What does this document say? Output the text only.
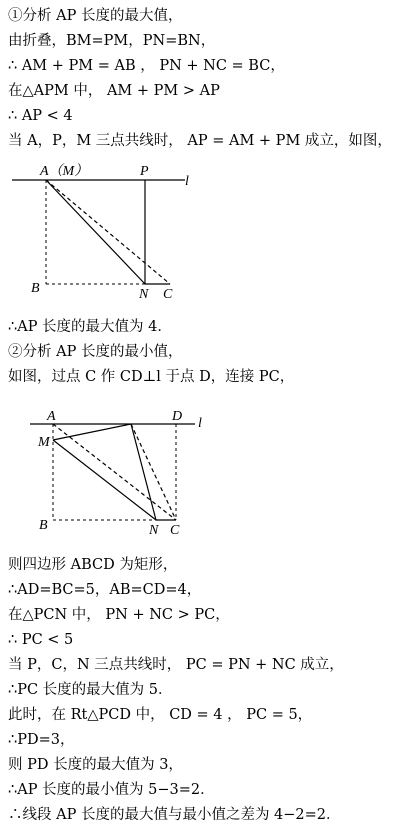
①分析 AP 长度的最大值，
由折叠，BM=PM，PN=BN，
∴ AM + PM = AB ， PN + NC = BC，
在△APM 中， AM + PM > AP
∴ AP < 4
当 A，P，M 三点共线时， AP = AM + PM 成立，如图，
A（M）	P
l
B	N C
∴AP 长度的最大值为 4．
②分析 AP 长度的最小值，
如图，过点 C 作 CD⊥l 于点 D，连接 PC，
A	D l
M
B	N C
则四边形 ABCD 为矩形，
∴AD=BC=5，AB=CD=4，
在△PCN 中， PN + NC > PC，
∴ PC < 5
当 P，C，N 三点共线时， PC = PN + NC 成立，
∴PC 长度的最大值为 5．
此时，在 Rt△PCD 中， CD = 4 ， PC = 5，
∴PD=3，
则 PD 长度的最大值为 3，
∴AP 长度的最小值为 5−3=2．
∴线段 AP 长度的最大值与最小值之差为 4−2=2．
